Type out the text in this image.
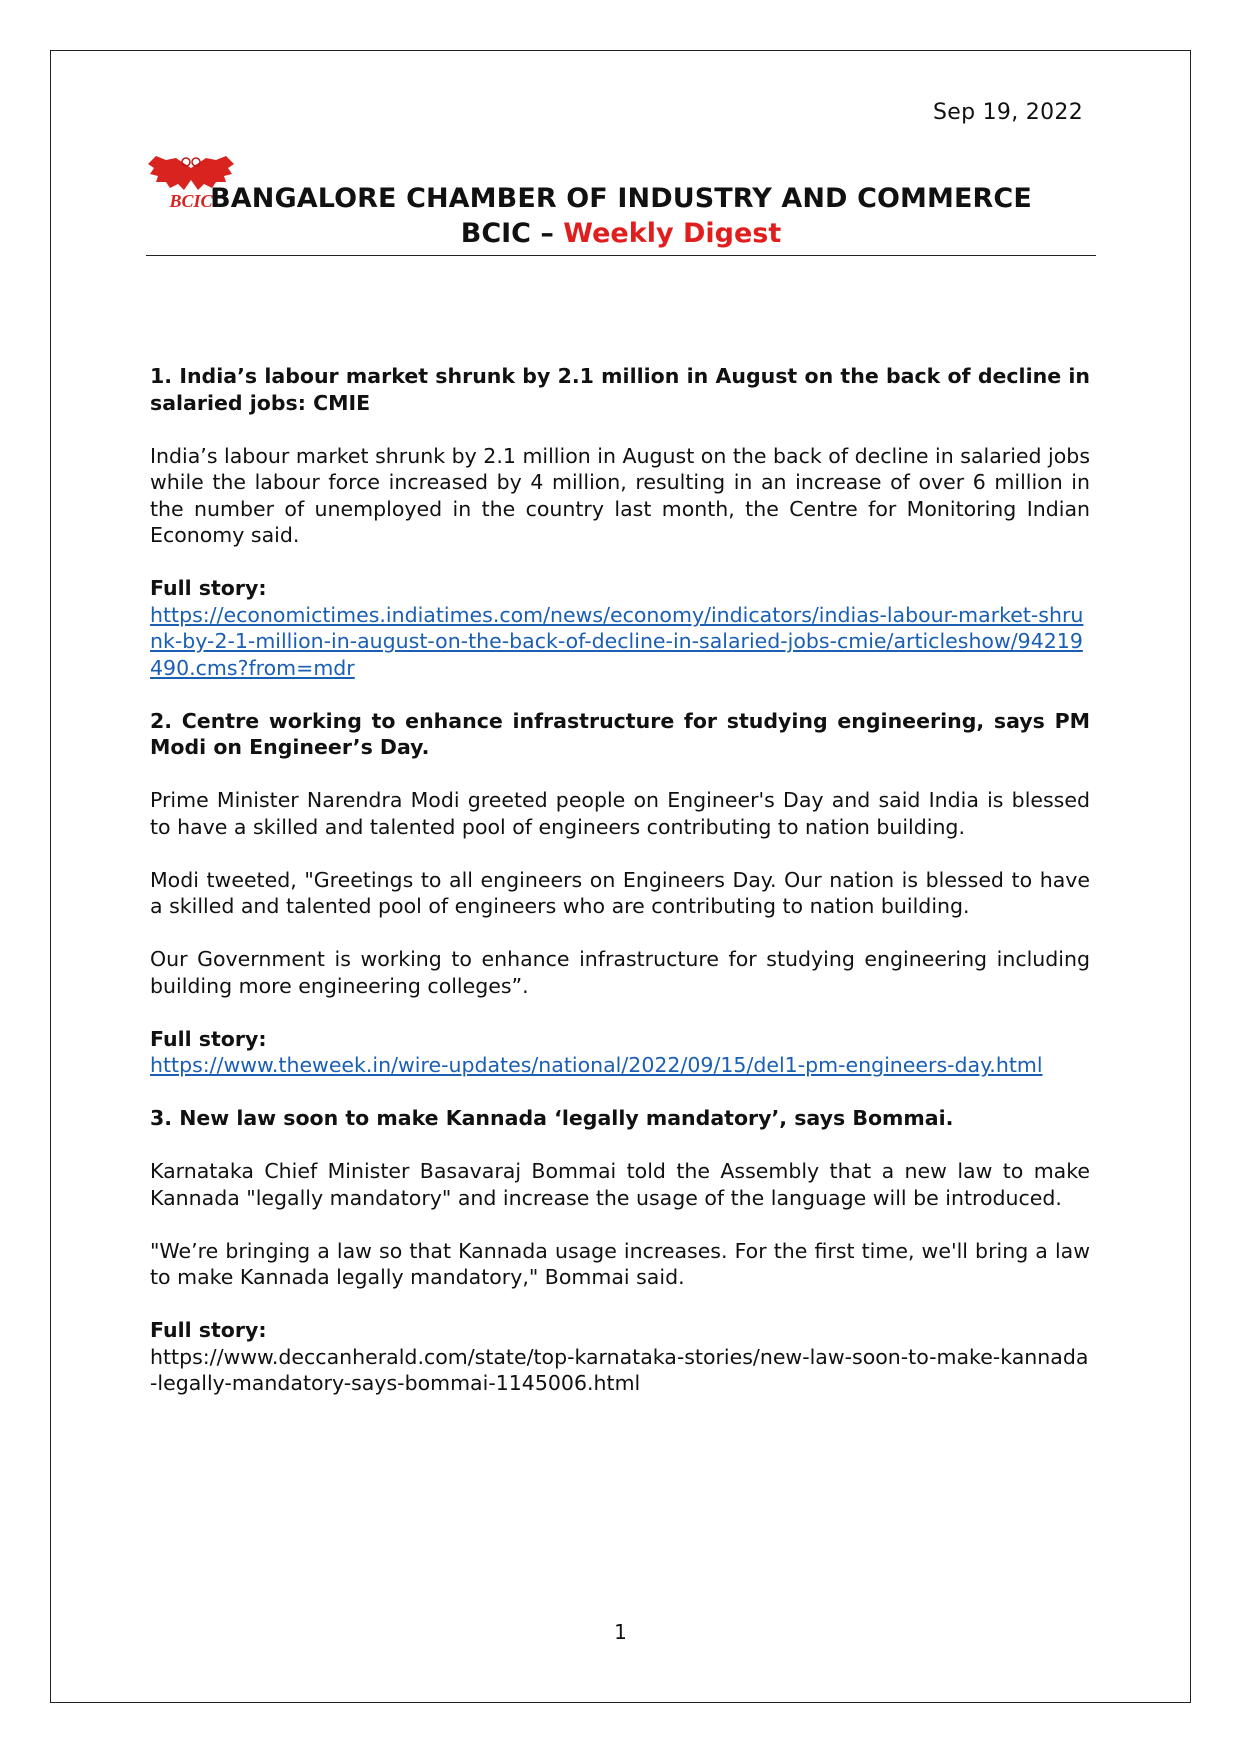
Sep 19, 2022
BCIC
BANGALORE CHAMBER OF INDUSTRY AND COMMERCE
BCIC – Weekly Digest

1. India’s labour market shrunk by 2.1 million in August on the back of decline in salaried jobs: CMIE

India’s labour market shrunk by 2.1 million in August on the back of decline in salaried jobs while the labour force increased by 4 million, resulting in an increase of over 6 million in the number of unemployed in the country last month, the Centre for Monitoring Indian Economy said.

Full story:
https://economictimes.indiatimes.com/news/economy/indicators/indias-labour-market-shrunk-by-2-1-million-in-august-on-the-back-of-decline-in-salaried-jobs-cmie/articleshow/94219490.cms?from=mdr

2. Centre working to enhance infrastructure for studying engineering, says PM Modi on Engineer’s Day.

Prime Minister Narendra Modi greeted people on Engineer's Day and said India is blessed to have a skilled and talented pool of engineers contributing to nation building.

Modi tweeted, "Greetings to all engineers on Engineers Day. Our nation is blessed to have a skilled and talented pool of engineers who are contributing to nation building.

Our Government is working to enhance infrastructure for studying engineering including building more engineering colleges”.

Full story:
https://www.theweek.in/wire-updates/national/2022/09/15/del1-pm-engineers-day.html

3. New law soon to make Kannada ‘legally mandatory’, says Bommai.

Karnataka Chief Minister Basavaraj Bommai told the Assembly that a new law to make Kannada "legally mandatory" and increase the usage of the language will be introduced.

"We’re bringing a law so that Kannada usage increases. For the first time, we'll bring a law to make Kannada legally mandatory," Bommai said.

Full story:
https://www.deccanherald.com/state/top-karnataka-stories/new-law-soon-to-make-kannada-legally-mandatory-says-bommai-1145006.html
1
